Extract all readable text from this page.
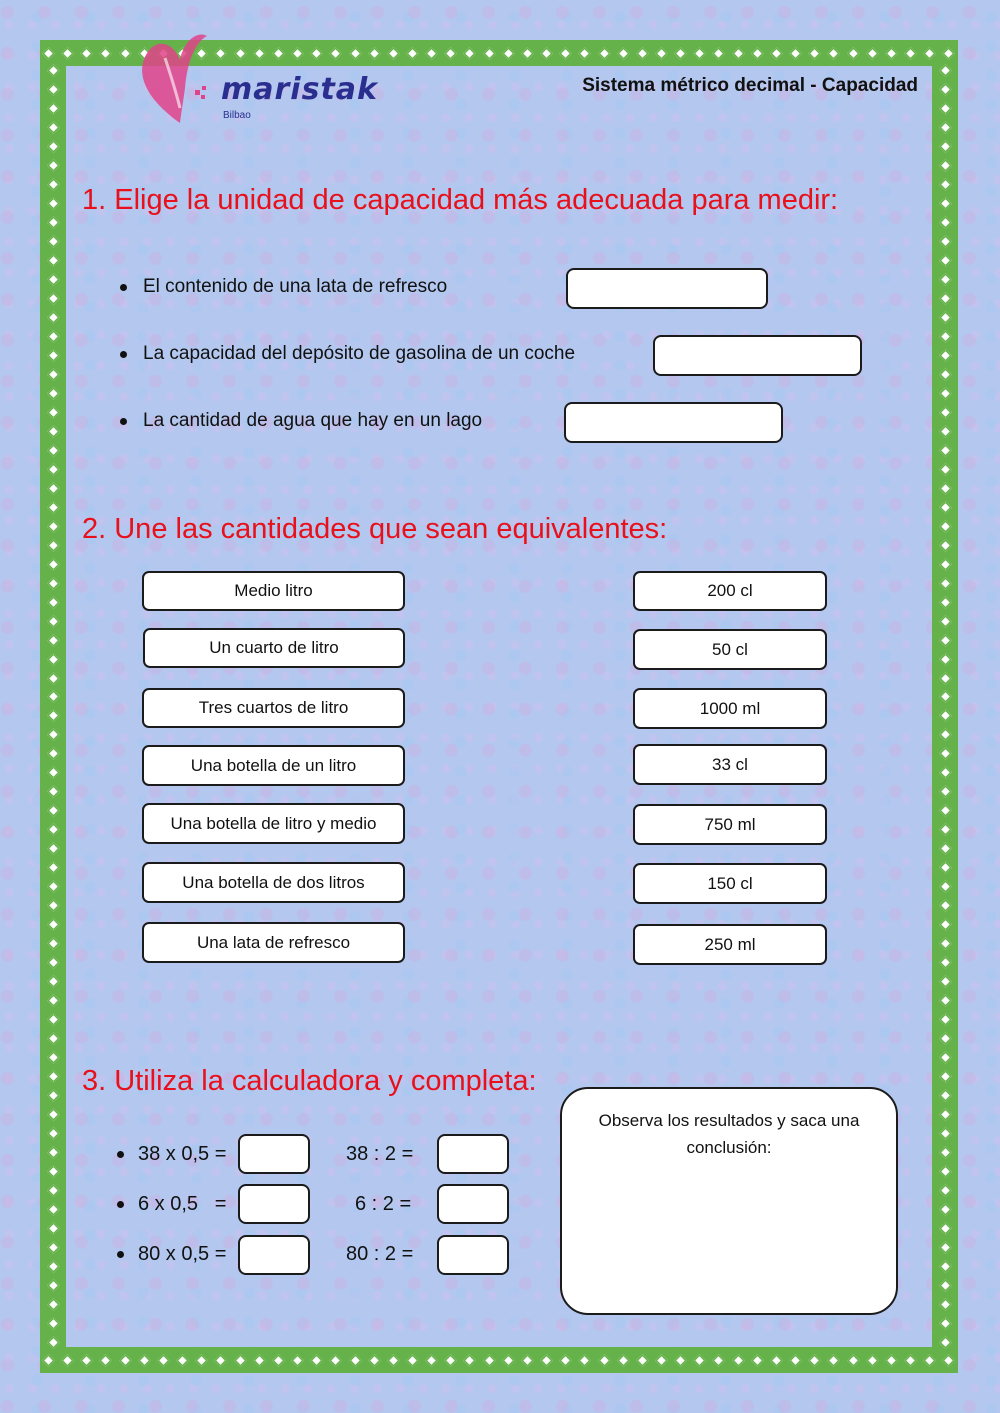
maristak
Bilbao
Sistema métrico decimal - Capacidad
1. Elige la unidad de capacidad más adecuada para medir:
El contenido de una lata de refresco
La capacidad del depósito de gasolina de un coche
La cantidad de agua que hay en un lago
2. Une las cantidades que sean equivalentes:
Medio litro
Un cuarto de litro
Tres cuartos de litro
Una botella de un litro
Una botella de litro y medio
Una botella de dos litros
Una lata de refresco
200 cl
50 cl
1000 ml
33 cl
750 ml
150 cl
250 ml
3. Utiliza la calculadora y completa:
38 x 0,5 =	38 : 2 =
6 x 0,5   =	6 : 2 =
80 x 0,5 =	80 : 2 =
Observa los resultados y saca una conclusión:
